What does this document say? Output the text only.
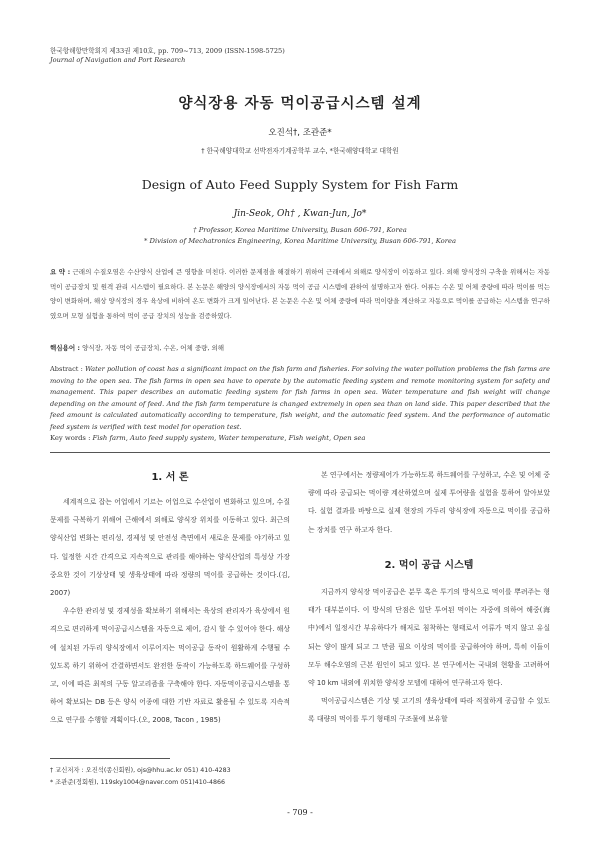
한국항해항만학회지 제33권 제10호, pp. 709~713, 2009 (ISSN-1598-5725)
Journal of Navigation and Port Research
양식장용 자동 먹이공급시스템 설계
오진석†, 조관준*
† 한국해양대학교 선박전자기계공학부 교수, *한국해양대학교 대학원
Design of Auto Feed Supply System for Fish Farm
Jin-Seok, Oh† , Kwan-Jun, Jo*
† Professor, Korea Maritime University, Busan 606-791, Korea
* Division of Mechatronics Engineering, Korea Maritime University, Busan 606-791, Korea
요 약 : 근래의 수질오염은 수산양식 산업에 큰 영향을 미친다. 이러한 문제점을 해결하기 위하여 근래에서 외해로 양식장이 이동하고 있다. 외해 양식장의 구축을 위해서는 자동먹이 공급장치 및 원격 관리 시스템이 필요하다. 본 논문은 해양의 양식장에서의 자동 먹이 공급 시스템에 관하여 설명하고자 한다. 어류는 수온 및 어체 중량에 따라 먹이를 먹는 양이 변화하며, 해상 양식장의 경우 육상에 비하여 온도 변화가 크게 일어난다. 본 논문은 수온 및 어체 중량에 따라 먹이량을 계산하고 자동으로 먹이를 공급하는 시스템을 연구하였으며 모형 실험을 통하여 먹이 공급 장치의 성능을 검증하였다.
핵심용어 : 양식장, 자동 먹이 공급장치, 수온, 어체 중량, 외해
Abstract : Water pollution of coast has a significant impact on the fish farm and fisheries. For solving the water pollution problems the fish farms are moving to the open sea. The fish farms in open sea have to operate by the automatic feeding system and remote monitoring system for safety and management. This paper describes an automatic feeding system for fish farms in open sea. Water temperature and fish weight will change depending on the amount of feed. And the fish farm temperature is changed extremely in open sea than on land side. This paper described that the feed amount is calculated automatically according to temperature, fish weight, and the automatic feed system. And the performance of automatic feed system is verified with test model for operation test.
Key words : Fish farm, Auto feed supply system, Water temperature, Fish weight, Open sea
1. 서 론

세계적으로 잡는 어업에서 기르는 어업으로 수산업이 변화하고 있으며, 수질문제를 극복하기 위해여 근해에서 외해로 양식장 위치를 이동하고 있다. 최근의 양식산업 변화는 편리성, 경제성 및 안전성 측면에서 새로운 문제를 야기하고 있다. 일정한 시간 간격으로 지속적으로 관리를 해야하는 양식산업의 특성상 가장 중요한 것이 기상상태 및 생육상태에 따라 정량의 먹이를 공급하는 것이다.(김, 2007)

우수한 관리성 및 경제성을 확보하기 위해서는 육상의 관리자가 육상에서 원격으로 편리하게 먹이공급시스템을 자동으로 제어, 감시 할 수 있어야 한다. 해상에 설치된 가두리 양식장에서 이루어지는 먹이공급 동작이 원활하게 수행될 수 있도록 하기 위하여 간결하면서도 완전한 동작이 가능하도록 하드웨어를 구성하고, 이에 따른 최적의 구동 알고리즘을 구축해야 한다. 자동먹이공급시스템을 통하여 확보되는 DB 등은 양식 어종에 대한 기반 자료로 활용될 수 있도록 지속적으로 연구를 수행할 계획이다.(오, 2008, Tacon , 1985)

본 연구에서는 정량제어가 가능하도록 하드웨어를 구성하고, 수온 및 어체 중량에 따라 공급되는 먹이량 계산하였으며 실제 투여량을 실험을 통하여 알아보았다. 실험 결과를 바탕으로 실제 현장의 가두리 양식장에 자동으로 먹이를 공급하는 장치를 연구 하고자 한다.

2. 먹이 공급 시스템

지금까지 양식장 먹이공급은 분무 혹은 투기의 방식으로 먹이를 뿌려주는 형태가 대부분이다. 이 방식의 단점은 일단 투여된 먹이는 자중에 의하여 해중(海中)에서 일정시간 부유하다가 해저로 침착하는 형태로서 어류가 먹지 않고 유실되는 양이 많게 되고 그 만큼 필요 이상의 먹이를 공급하여야 하며, 특히 이들이 모두 해수오염의 근본 원인이 되고 있다. 본 연구에서는 국내외 현황을 고려하여 약 10 km 내외에 위치한 양식장 모델에 대하여 연구하고자 한다.

먹이공급시스템은 기상 및 고기의 생육상태에 따라 적절하게 공급할 수 있도록 대량의 먹이를 투기 형태의 구조물에 보유할

† 교신저자 : 오진석(종신회원), ojs@hhu.ac.kr 051) 410-4283
* 조관준(정회원), 119sky1004@naver.com 051)410-4866
- 709 -
